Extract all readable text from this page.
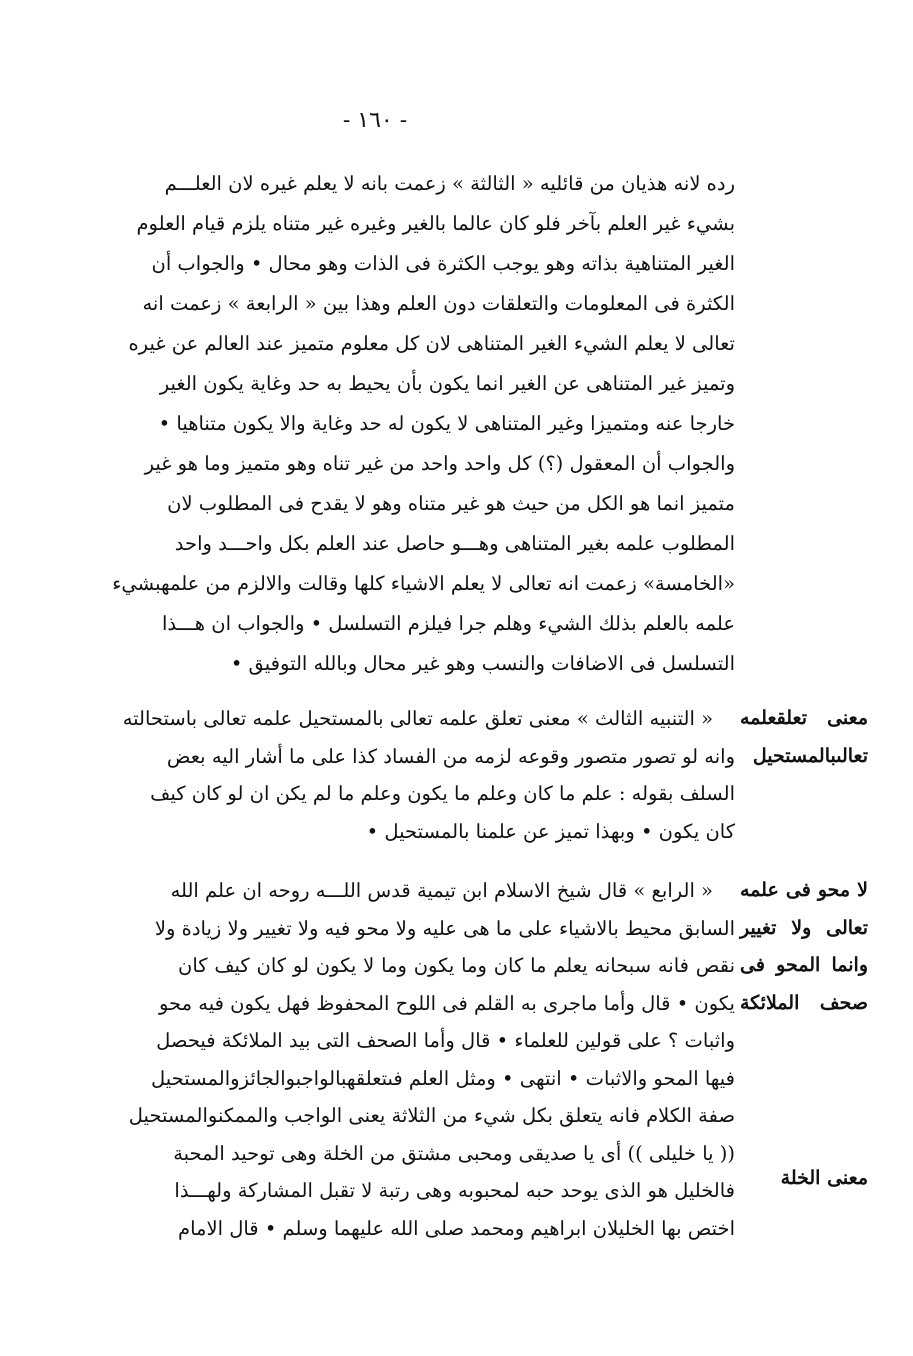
- ١٦٠ -
رده لانه هذيان من قائليه « الثالثة » زعمت بانه لا يعلم غيره لان العلـــم
بشيء غير العلم بآخر فلو كان عالما بالغير وغيره غير متناه يلزم قيام العلوم
الغير المتناهية بذاته وهو يوجب الكثرة فى الذات وهو محال • والجواب أن
الكثرة فى المعلومات والتعلقات دون العلم وهذا بين « الرابعة » زعمت انه
تعالى لا يعلم الشيء الغير المتناهى لان كل معلوم متميز عند العالم عن غيره
وتميز غير المتناهى عن الغير انما يكون بأن يحيط به حد وغاية يكون الغير
خارجا عنه ومتميزا وغير المتناهى لا يكون له حد وغاية والا يكون متناهيا •
والجواب أن المعقول (؟) كل واحد واحد من غير تناه وهو متميز وما هو غير
متميز انما هو الكل من حيث هو غير متناه وهو لا يقدح فى المطلوب لان
المطلوب علمه بغير المتناهى وهـــو حاصل عند العلم بكل واحـــد واحد
«الخامسة» زعمت انه تعالى لا يعلم الاشياء كلها وقالت والالزم من علمهبشيء
علمه بالعلم بذلك الشيء وهلم جرا فيلزم التسلسل • والجواب ان هـــذا
التسلسل فى الاضافات والنسب وهو غير محال وبالله التوفيق •
« التنبيه الثالث » معنى تعلق علمه تعالى بالمستحيل علمه تعالى باستحالته
وانه لو تصور متصور وقوعه لزمه من الفساد كذا على ما أشار اليه بعض
السلف بقوله : علم ما كان وعلم ما يكون وعلم ما لم يكن ان لو كان كيف
كان يكون • وبهذا تميز عن علمنا بالمستحيل •
« الرابع » قال شيخ الاسلام ابن تيمية قدس اللـــه روحه ان علم الله
السابق محيط بالاشياء على ما هى عليه ولا محو فيه ولا تغيير ولا زيادة ولا
نقص فانه سبحانه يعلم ما كان وما يكون وما لا يكون لو كان كيف كان
يكون • قال وأما ماجرى به القلم فى اللوح المحفوظ فهل يكون فيه محو
واثبات ؟ على قولين للعلماء • قال وأما الصحف التى بيد الملائكة فيحصل
فيها المحو والاثبات • انتهى • ومثل العلم فىتعلقهبالواجبوالجائزوالمستحيل
صفة الكلام فانه يتعلق بكل شيء من الثلاثة يعنى الواجب والممكنوالمستحيل
(( يا خليلى )) أى يا صديقى ومحبى مشتق من الخلة وهى توحيد المحبة
فالخليل هو الذى يوحد حبه لمحبوبه وهى رتبة لا تقبل المشاركة ولهـــذا
اختص بها الخليلان ابراهيم ومحمد صلى الله عليهما وسلم • قال الامام
معنى تعلقعلمه
تعالىبالمستحيل
لا محو فى علمه
تعالى ولا تغيير
وانما المحو فى
صحف الملائكة
معنى الخلة
